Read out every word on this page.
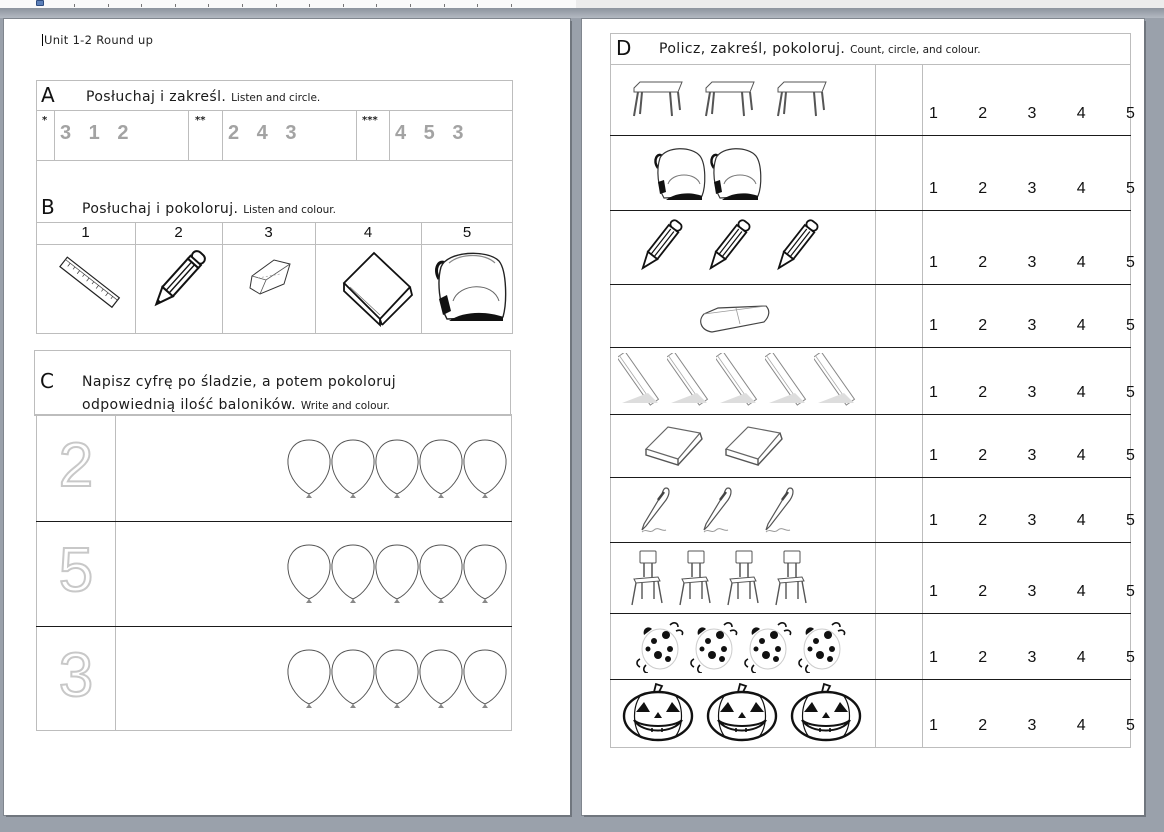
Unit 1-2 Round up
A Posłuchaj i zakreśl. Listen and circle.
*
3 1 2
**
2 4 3
***
4 5 3
B Posłuchaj i pokoloruj. Listen and colour.
1	2	3	4	5
C Napisz cyfrę po śladzie, a potem pokoloruj
odpowiednią ilość baloników. Write and colour.
2
5
3
D Policz, zakreśl, pokoloruj. Count, circle, and colour.
1   2   3   4   5
1   2   3   4   5
1   2   3   4   5
1   2   3   4   5
1   2   3   4   5
1   2   3   4   5
1   2   3   4   5
1   2   3   4   5
1   2   3   4   5
1   2   3   4   5
